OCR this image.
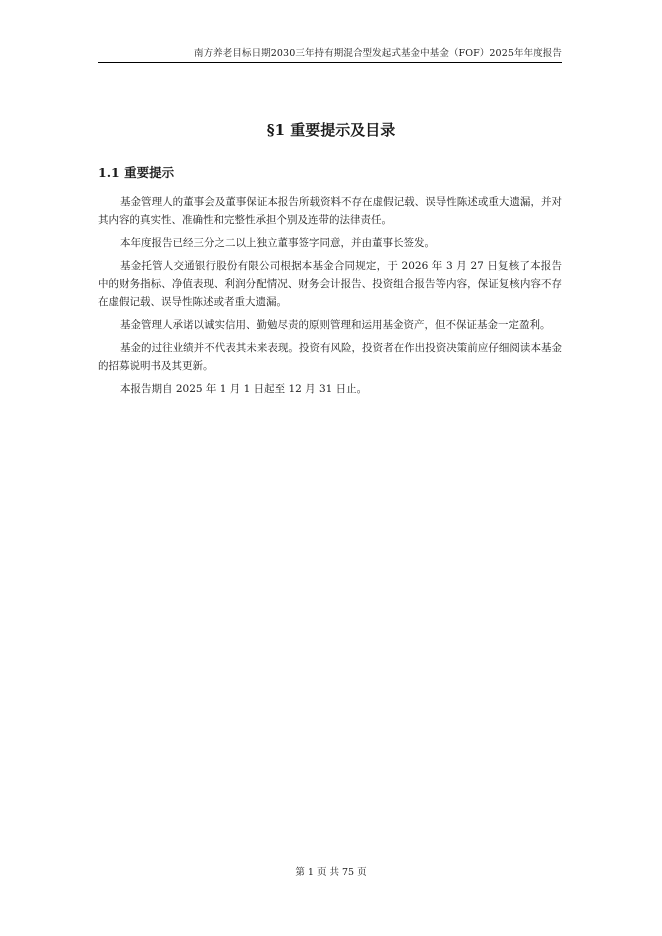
南方养老目标日期2030三年持有期混合型发起式基金中基金（FOF）2025年年度报告
§1 重要提示及目录
1.1 重要提示

基金管理人的董事会及董事保证本报告所载资料不存在虚假记载、误导性陈述或重大遗漏，并对其内容的真实性、准确性和完整性承担个别及连带的法律责任。

本年度报告已经三分之二以上独立董事签字同意，并由董事长签发。

基金托管人交通银行股份有限公司根据本基金合同规定，于 2026 年 3 月 27 日复核了本报告中的财务指标、净值表现、利润分配情况、财务会计报告、投资组合报告等内容，保证复核内容不存在虚假记载、误导性陈述或者重大遗漏。

基金管理人承诺以诚实信用、勤勉尽责的原则管理和运用基金资产，但不保证基金一定盈利。

基金的过往业绩并不代表其未来表现。投资有风险，投资者在作出投资决策前应仔细阅读本基金的招募说明书及其更新。

本报告期自 2025 年 1 月 1 日起至 12 月 31 日止。

第 1 页 共 75 页
